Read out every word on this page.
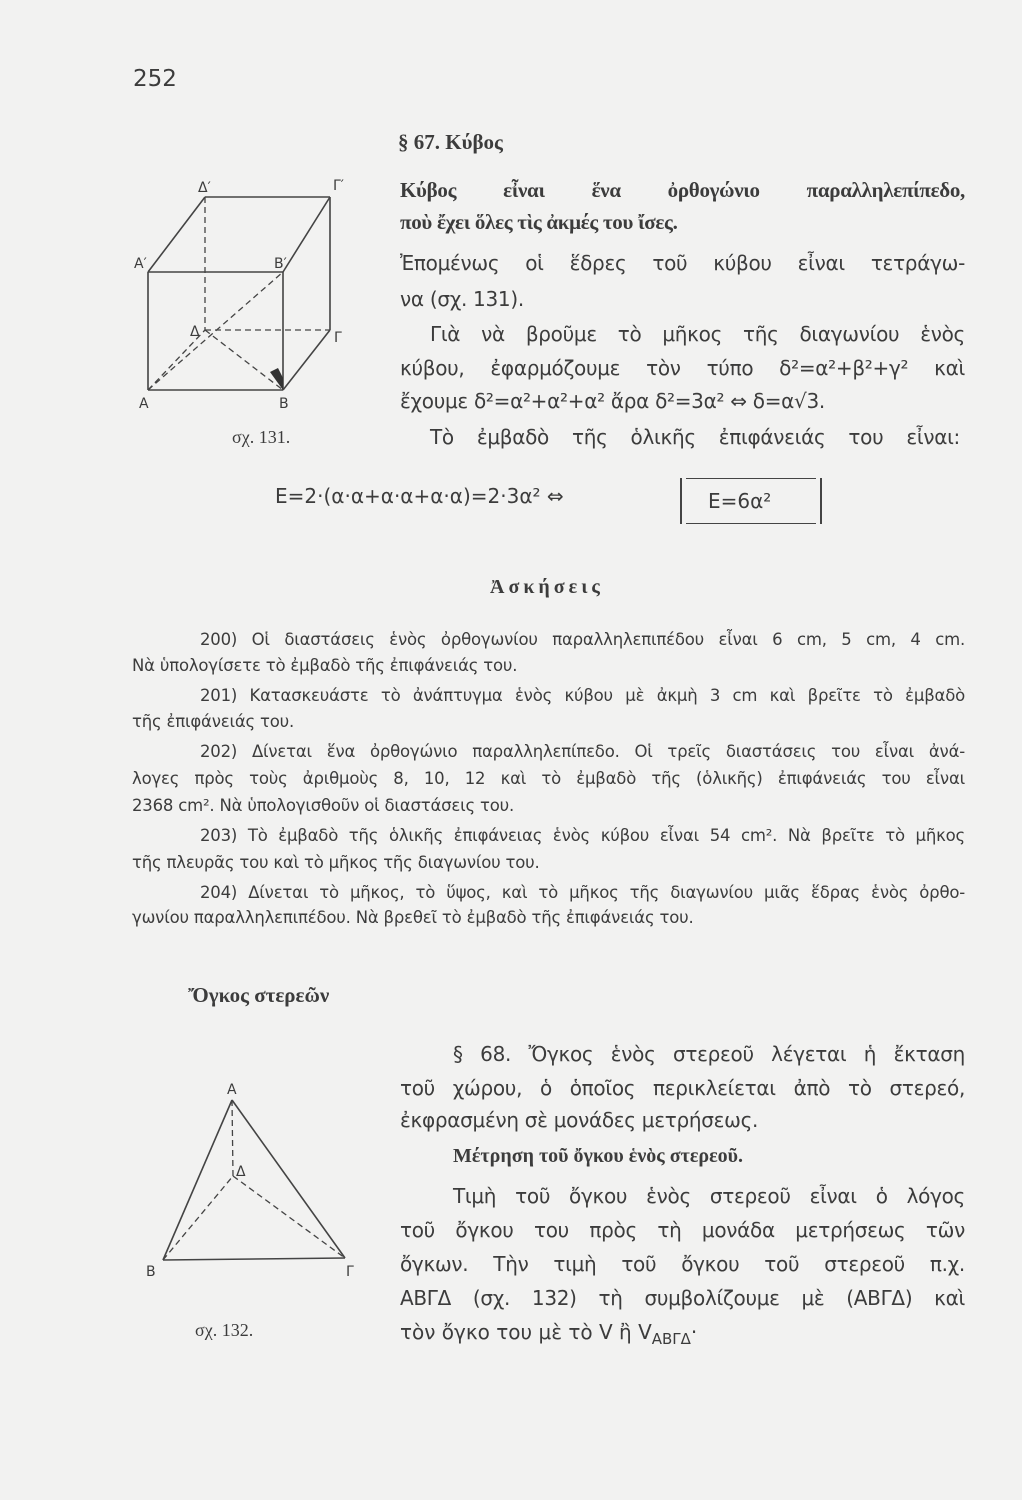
252
§ 67. Κύβος
Κύβος εἶναι ἕνα ὀρθογώνιο παραλληλεπίπεδο,
ποὺ ἔχει ὅλες τὶς ἀκμές του ἴσες.
Ἐπομένως οἱ ἕδρες τοῦ κύβου εἶναι τετράγω-
να (σχ. 131).
Γιὰ νὰ βροῦμε τὸ μῆκος τῆς διαγωνίου ἑνὸς
κύβου, ἐφαρμόζουμε τὸν τύπο δ²=α²+β²+γ² καὶ
ἔχουμε δ²=α²+α²+α² ἄρα δ²=3α² ⇔ δ=α√3.
Τὸ ἐμβαδὸ τῆς ὁλικῆς ἐπιφάνειάς του εἶναι:
Δ′	Γ′
A′	B′
Δ	Γ
A	B
σχ. 131.
E=2·(α·α+α·α+α·α)=2·3α² ⇔	E=6α²
Ἀσκήσεις
200) Οἱ διαστάσεις ἑνὸς ὀρθογωνίου παραλληλεπιπέδου εἶναι 6 cm, 5 cm, 4 cm.
Νὰ ὑπολογίσετε τὸ ἐμβαδὸ τῆς ἐπιφάνειάς του.
201) Κατασκευάστε τὸ ἀνάπτυγμα ἑνὸς κύβου μὲ ἀκμὴ 3 cm καὶ βρεῖτε τὸ ἐμβαδὸ
τῆς ἐπιφάνειάς του.
202) Δίνεται ἕνα ὀρθογώνιο παραλληλεπίπεδο. Οἱ τρεῖς διαστάσεις του εἶναι ἀνά-
λογες πρὸς τοὺς ἀριθμοὺς 8, 10, 12 καὶ τὸ ἐμβαδὸ τῆς (ὁλικῆς) ἐπιφάνειάς του εἶναι
2368 cm². Νὰ ὑπολογισθοῦν οἱ διαστάσεις του.
203) Τὸ ἐμβαδὸ τῆς ὁλικῆς ἐπιφάνειας ἑνὸς κύβου εἶναι 54 cm². Νὰ βρεῖτε τὸ μῆκος
τῆς πλευρᾶς του καὶ τὸ μῆκος τῆς διαγωνίου του.
204) Δίνεται τὸ μῆκος, τὸ ὕψος, καὶ τὸ μῆκος τῆς διαγωνίου μιᾶς ἕδρας ἑνὸς ὀρθο-
γωνίου παραλληλεπιπέδου. Νὰ βρεθεῖ τὸ ἐμβαδὸ τῆς ἐπιφάνειάς του.
Ὄγκος στερεῶν
§ 68. Ὄγκος ἑνὸς στερεοῦ λέγεται ἡ ἔκταση
τοῦ χώρου, ὁ ὁποῖος περικλείεται ἀπὸ τὸ στερεό,
ἐκφρασμένη σὲ μονάδες μετρήσεως.
Μέτρηση τοῦ ὄγκου ἑνὸς στερεοῦ.
Τιμὴ τοῦ ὄγκου ἑνὸς στερεοῦ εἶναι ὁ λόγος
τοῦ ὄγκου του πρὸς τὴ μονάδα μετρήσεως τῶν
ὄγκων. Τὴν τιμὴ τοῦ ὄγκου τοῦ στερεοῦ π.χ.
ΑΒΓΔ (σχ. 132) τὴ συμβολίζουμε μὲ (ΑΒΓΔ) καὶ
τὸν ὄγκο του μὲ τὸ V ἢ $V_{AB\Gamma\Delta}\cdot$
A
Δ
B	Γ
σχ. 132.
